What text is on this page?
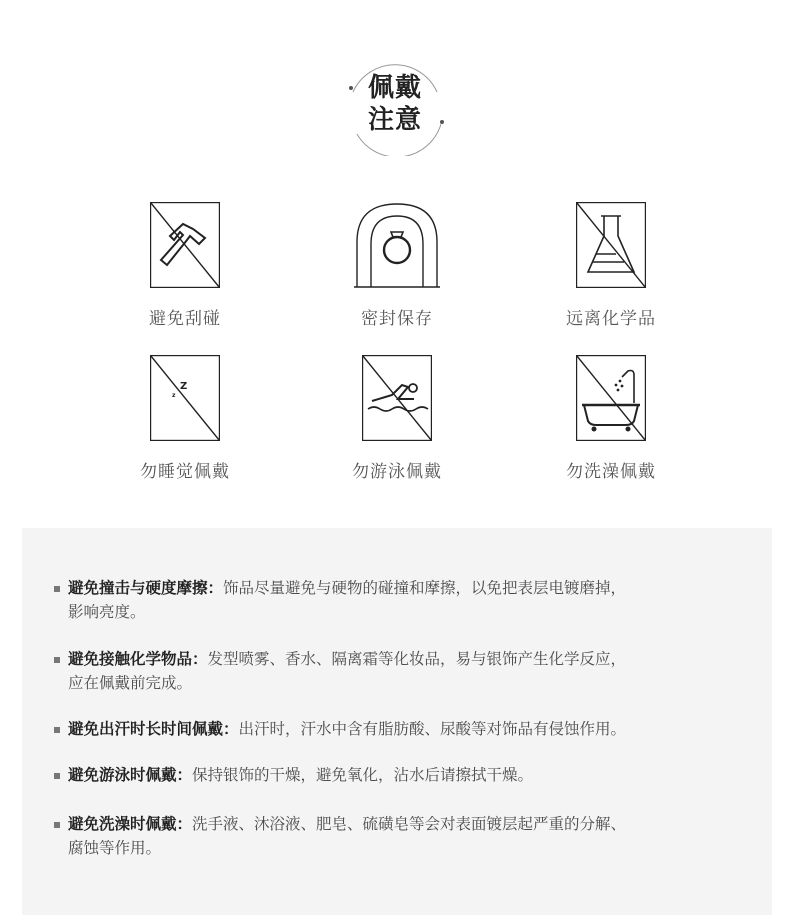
佩戴
注意
避免刮碰	密封保存	远离化学品
Z
z
勿睡觉佩戴	勿游泳佩戴	勿洗澡佩戴
避免撞击与硬度摩擦：饰品尽量避免与硬物的碰撞和摩擦，以免把表层电镀磨掉，
影响亮度。
避免接触化学物品：发型喷雾、香水、隔离霜等化妆品，易与银饰产生化学反应，
应在佩戴前完成。
避免出汗时长时间佩戴：出汗时，汗水中含有脂肪酸、尿酸等对饰品有侵蚀作用。
避免游泳时佩戴：保持银饰的干燥，避免氧化，沾水后请擦拭干燥。
避免洗澡时佩戴：洗手液、沐浴液、肥皂、硫磺皂等会对表面镀层起严重的分解、
腐蚀等作用。
